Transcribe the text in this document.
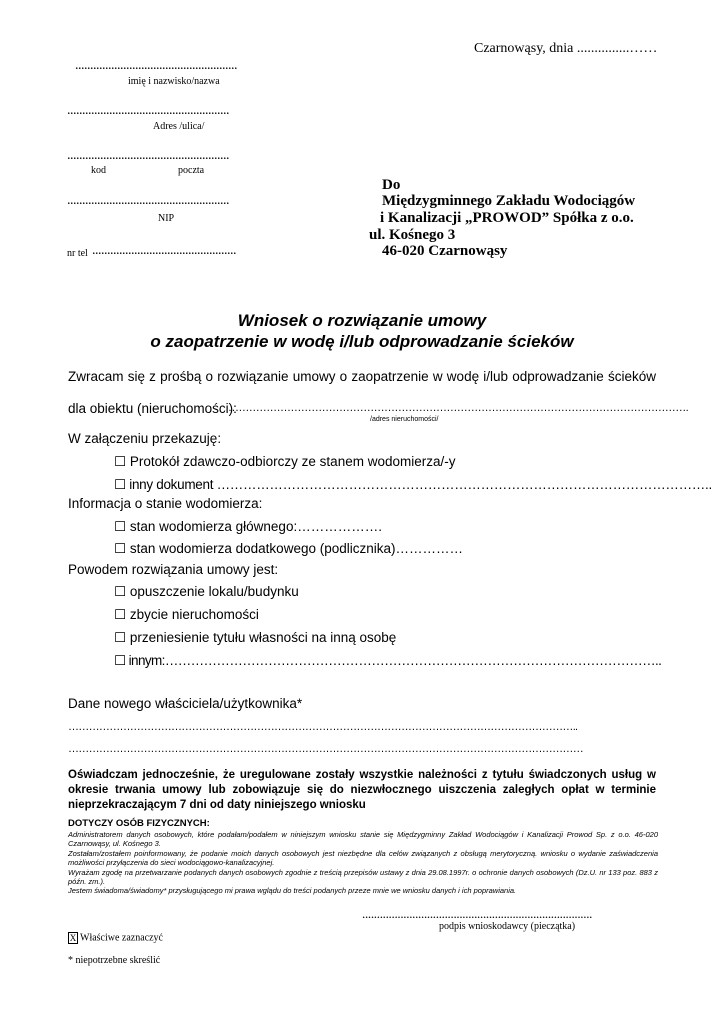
Czarnowąsy, dnia ...............……
......................................................
imię i nazwisko/nazwa
......................................................
Adres /ulica/
......................................................
kod	poczta
......................................................
NIP
nr tel ................................................
Do
Międzygminnego Zakładu Wodociągów
i Kanalizacji „PROWOD” Spółka z o.o.
ul. Kośnego 3
46-020 Czarnowąsy
Wniosek o rozwiązanie umowy
o zaopatrzenie w wodę i/lub odprowadzanie ścieków
Zwracam się z prośbą o rozwiązanie umowy o zaopatrzenie w wodę i/lub odprowadzanie ścieków
dla obiektu (nieruchomości):
…………………………………………………………………………………………………………………….
/adres nieruchomości/
W załączeniu przekazuję:
☐ Protokół zdawczo-odbiorczy ze stanem wodomierza/-y
☐ inny dokument …………………………………………………………………………………………………..
Informacja o stanie wodomierza:
☐ stan wodomierza głównego:……………….
☐ stan wodomierza dodatkowego (podlicznika)……………
Powodem rozwiązania umowy jest:
☐ opuszczenie lokalu/budynku
☐ zbycie nieruchomości
☐ przeniesienie tytułu własności na inną osobę
☐ innym:……………………………………………………………………………………………………..
Dane nowego właściciela/użytkownika*
…………………………………………………………………………………………………………………………………..
……………………………………………………………………………………………………………………………………
Oświadczam jednocześnie, że uregulowane zostały wszystkie należności z tytułu świadczonych usług w okresie trwania umowy lub zobowiązuje się do niezwłocznego uiszczenia zaległych opłat w terminie nieprzekraczającym 7 dni od daty niniejszego wniosku
DOTYCZY OSÓB FIZYCZNYCH:
Administratorem danych osobowych, które podałam/podałem w niniejszym wniosku stanie się Międzygminny Zakład Wodociągów i Kanalizacji Prowod Sp. z o.o. 46-020 Czarnowąsy, ul. Kośnego 3.
Zostałam/zostałem poinformowany, że podanie moich danych osobowych jest niezbędne dla celów związanych z obsługą merytoryczną. wniosku o wydanie zaświadczenia możliwości przyłączenia do sieci wodociągowo-kanalizacyjnej.
Wyrażam zgodę na przetwarzanie podanych danych osobowych zgodnie z treścią przepisów ustawy z dnia 29.08.1997r. o ochronie danych osobowych (Dz.U. nr 133 poz. 883 z późn. zm.).
Jestem świadoma/świadomy* przysługującego mi prawa wglądu do treści podanych przeze mnie we wniosku danych i ich poprawiania.
..............................................................................
podpis wnioskodawcy (pieczątka)
X Właściwe zaznaczyć
* niepotrzebne skreślić
